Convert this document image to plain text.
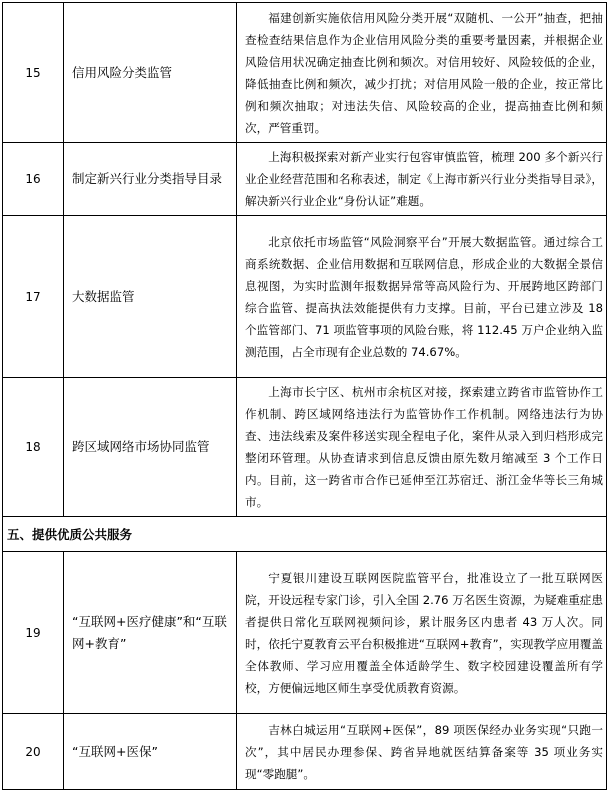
15	信用风险分类监管	福建创新实施依信用风险分类开展“双随机、一公开”抽查，把抽查检查结果信息作为企业信用风险分类的重要考量因素，并根据企业风险信用状况确定抽查比例和频次。对信用较好、风险较低的企业，降低抽查比例和频次，减少打扰；对信用风险一般的企业，按正常比例和频次抽取；对违法失信、风险较高的企业，提高抽查比例和频次，严管重罚。
16	制定新兴行业分类指导目录	上海积极探索对新产业实行包容审慎监管，梳理 200 多个新兴行业企业经营范围和名称表述，制定《上海市新兴行业分类指导目录》，解决新兴行业企业“身份认证”难题。
17	大数据监管	北京依托市场监管“风险洞察平台”开展大数据监管。通过综合工商系统数据、企业信用数据和互联网信息，形成企业的大数据全景信息视图，为实时监测年报数据异常等高风险行为、开展跨地区跨部门综合监管、提高执法效能提供有力支撑。目前，平台已建立涉及 18 个监管部门、71 项监管事项的风险台账，将 112.45 万户企业纳入监测范围，占全市现有企业总数的 74.67%。
18	跨区域网络市场协同监管	上海市长宁区、杭州市余杭区对接，探索建立跨省市监管协作工作机制、跨区域网络违法行为监管协作工作机制。网络违法行为协查、违法线索及案件移送实现全程电子化，案件从录入到归档形成完整闭环管理。从协查请求到信息反馈由原先数月缩减至 3 个工作日内。目前，这一跨省市合作已延伸至江苏宿迁、浙江金华等长三角城市。
五、提供优质公共服务		
19	“互联网+医疗健康”和“互联网+教育”	宁夏银川建设互联网医院监管平台，批准设立了一批互联网医院，开设远程专家门诊，引入全国 2.76 万名医生资源，为疑难重症患者提供日常化互联网视频问诊，累计服务区内患者 43 万人次。同时，依托宁夏教育云平台积极推进“互联网+教育”，实现教学应用覆盖全体教师、学习应用覆盖全体适龄学生、数字校园建设覆盖所有学校，方便偏远地区师生享受优质教育资源。
20	“互联网+医保”	吉林白城运用“互联网+医保”，89 项医保经办业务实现“只跑一次”，其中居民办理参保、跨省异地就医结算备案等 35 项业务实现“零跑腿”。
